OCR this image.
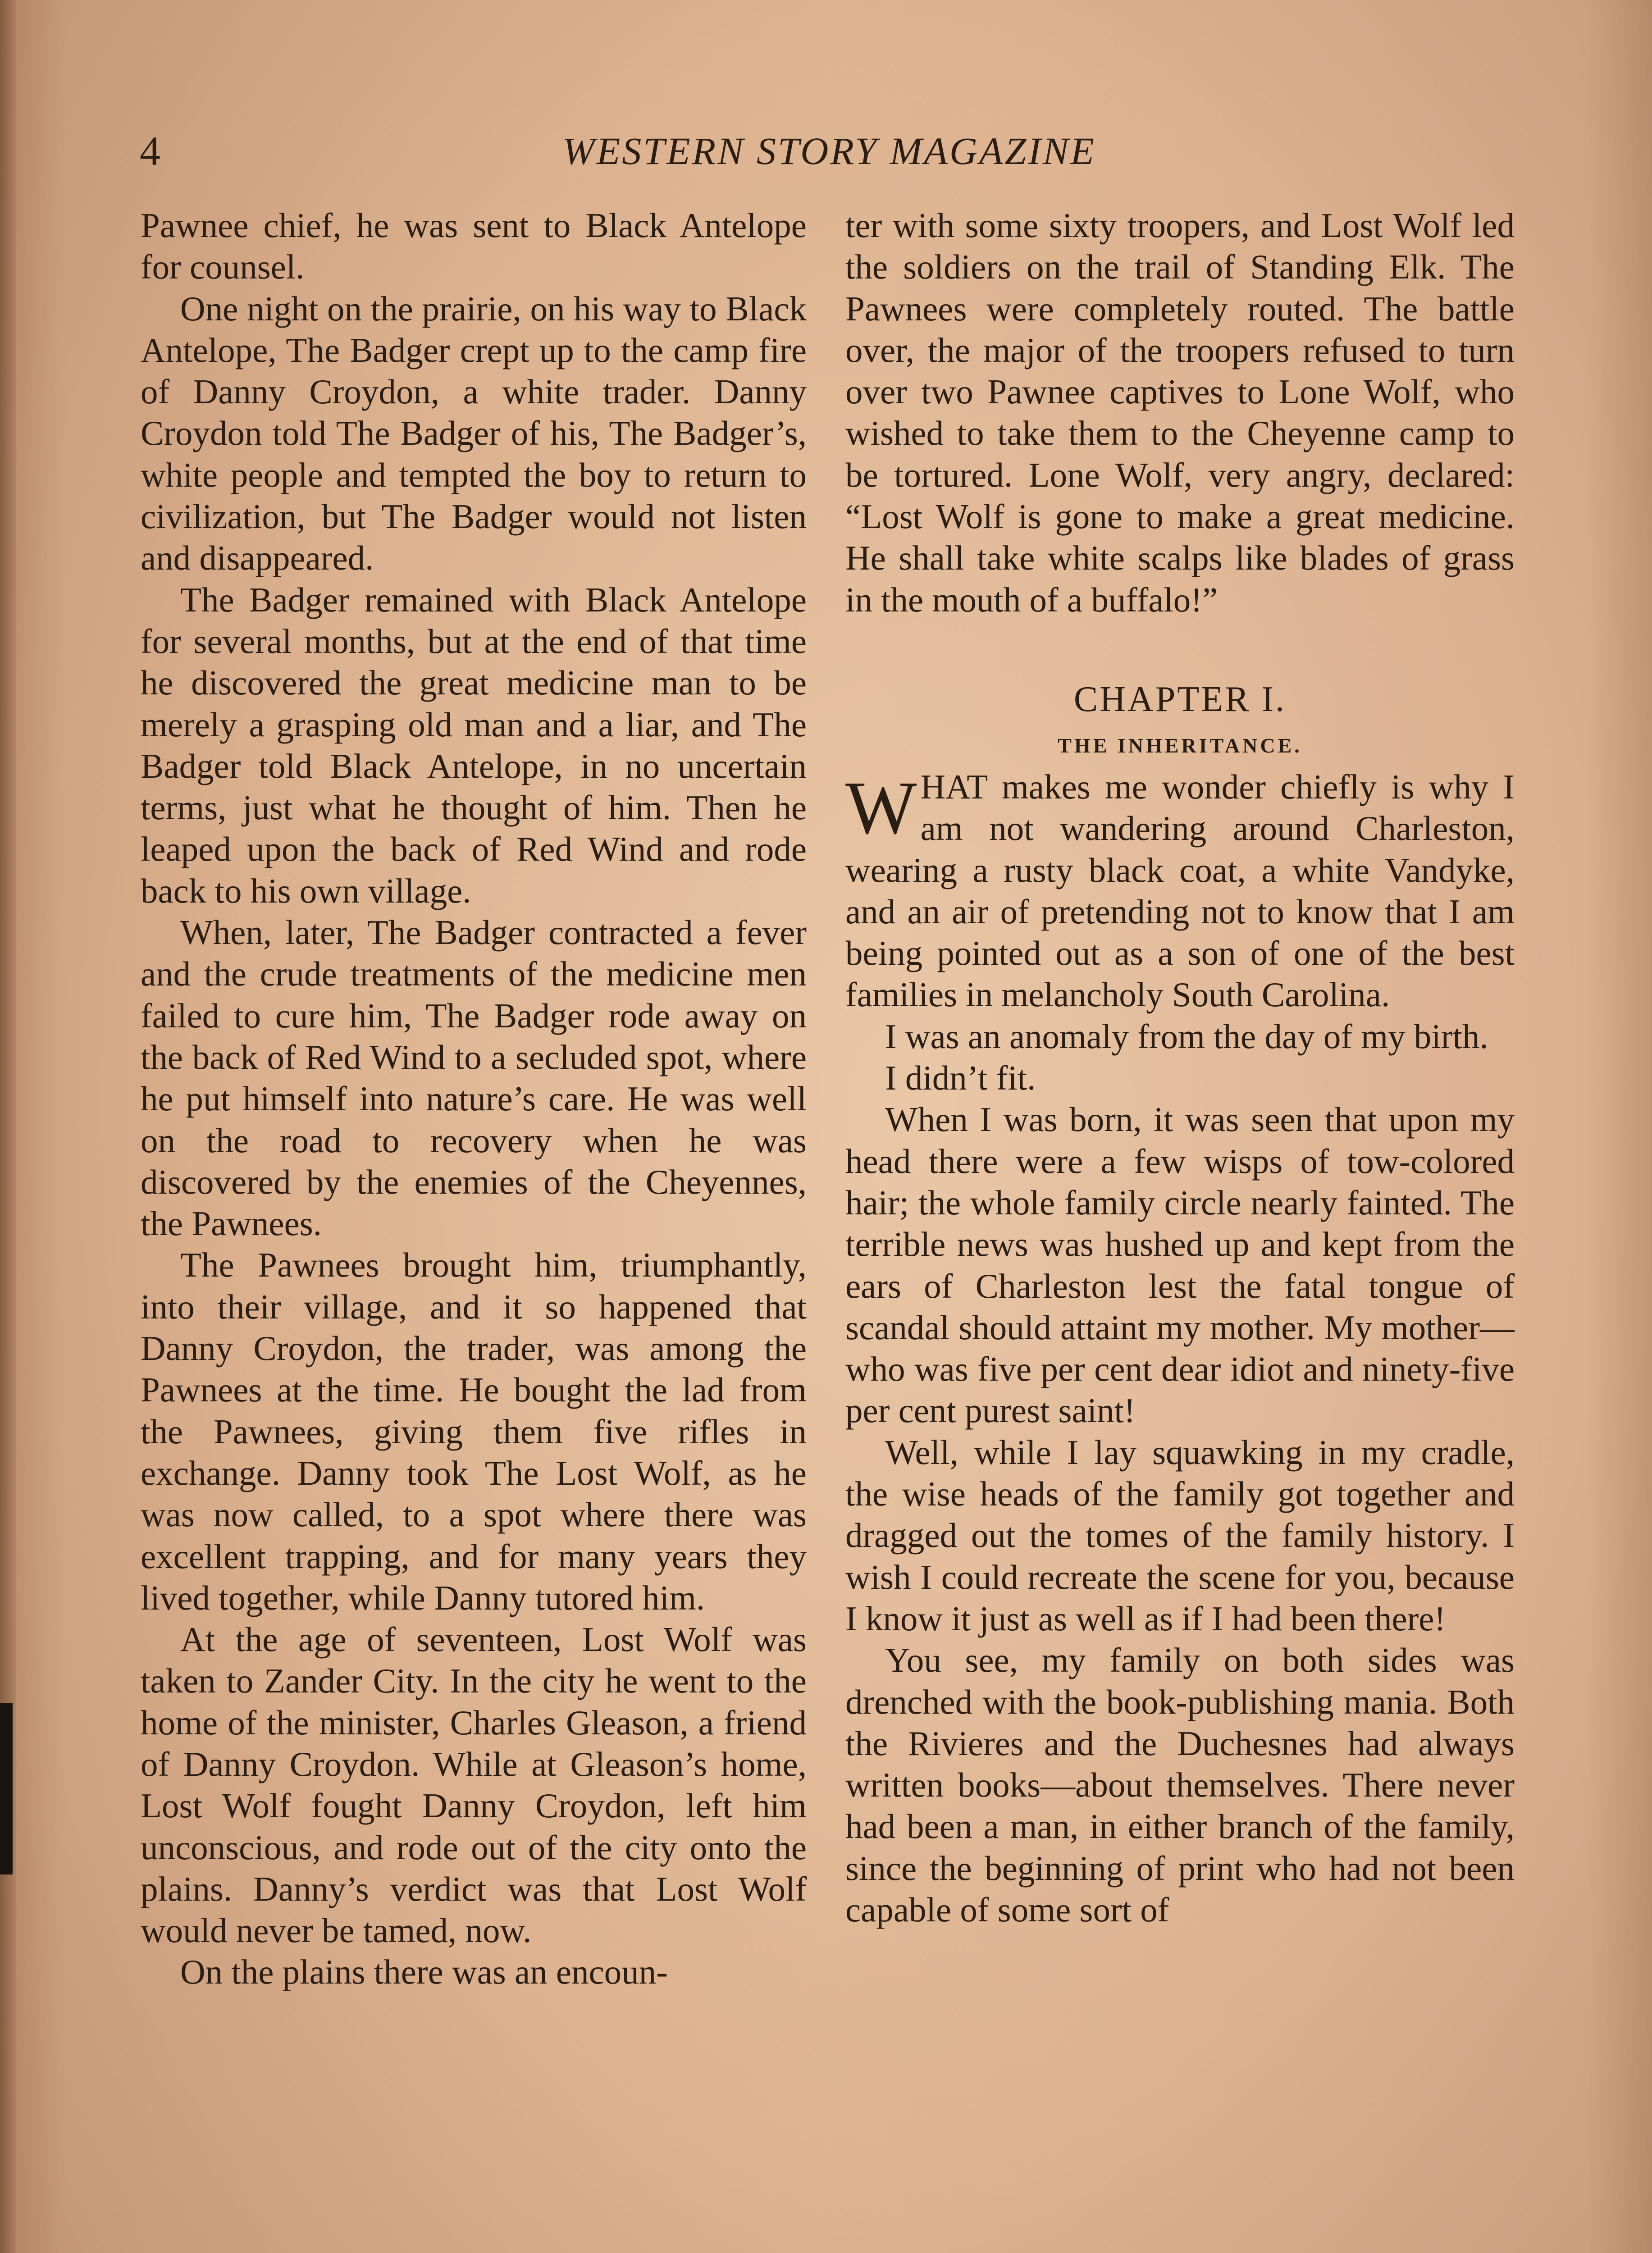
4	WESTERN STORY MAGAZINE

Pawnee chief, he was sent to Black Antelope for counsel.

One night on the prairie, on his way to Black Antelope, The Badger crept up to the camp fire of Danny Croydon, a white trader. Danny Croydon told The Badger of his, The Badger’s, white people and tempted the boy to return to civilization, but The Badger would not listen and disappeared.

The Badger remained with Black Antelope for several months, but at the end of that time he discovered the great medicine man to be merely a grasping old man and a liar, and The Badger told Black Antelope, in no uncertain terms, just what he thought of him. Then he leaped upon the back of Red Wind and rode back to his own village.

When, later, The Badger contracted a fever and the crude treatments of the medicine men failed to cure him, The Badger rode away on the back of Red Wind to a secluded spot, where he put himself into nature’s care. He was well on the road to recovery when he was discovered by the enemies of the Cheyennes, the Pawnees.

The Pawnees brought him, triumphantly, into their village, and it so happened that Danny Croydon, the trader, was among the Pawnees at the time. He bought the lad from the Pawnees, giving them five rifles in exchange. Danny took The Lost Wolf, as he was now called, to a spot where there was excellent trapping, and for many years they lived together, while Danny tutored him.

At the age of seventeen, Lost Wolf was taken to Zander City. In the city he went to the home of the minister, Charles Gleason, a friend of Danny Croydon. While at Gleason’s home, Lost Wolf fought Danny Croydon, left him unconscious, and rode out of the city onto the plains. Danny’s verdict was that Lost Wolf would never be tamed, now.

On the plains there was an encoun-

ter with some sixty troopers, and Lost Wolf led the soldiers on the trail of Standing Elk. The Pawnees were completely routed. The battle over, the major of the troopers refused to turn over two Pawnee captives to Lone Wolf, who wished to take them to the Cheyenne camp to be tortured. Lone Wolf, very angry, declared: “Lost Wolf is gone to make a great medicine. He shall take white scalps like blades of grass in the mouth of a buffalo!”

CHAPTER I.
THE INHERITANCE.

WHAT makes me wonder chiefly is why I am not wandering around Charleston, wearing a rusty black coat, a white Vandyke, and an air of pretending not to know that I am being pointed out as a son of one of the best families in melancholy South Carolina.

I was an anomaly from the day of my birth.

I didn’t fit.

When I was born, it was seen that upon my head there were a few wisps of tow-colored hair; the whole family circle nearly fainted. The terrible news was hushed up and kept from the ears of Charleston lest the fatal tongue of scandal should attaint my mother. My mother—who was five per cent dear idiot and ninety-five per cent purest saint!

Well, while I lay squawking in my cradle, the wise heads of the family got together and dragged out the tomes of the family history. I wish I could recreate the scene for you, because I know it just as well as if I had been there!

You see, my family on both sides was drenched with the book-publishing mania. Both the Rivieres and the Duchesnes had always written books—about themselves. There never had been a man, in either branch of the family, since the beginning of print who had not been capable of some sort of
